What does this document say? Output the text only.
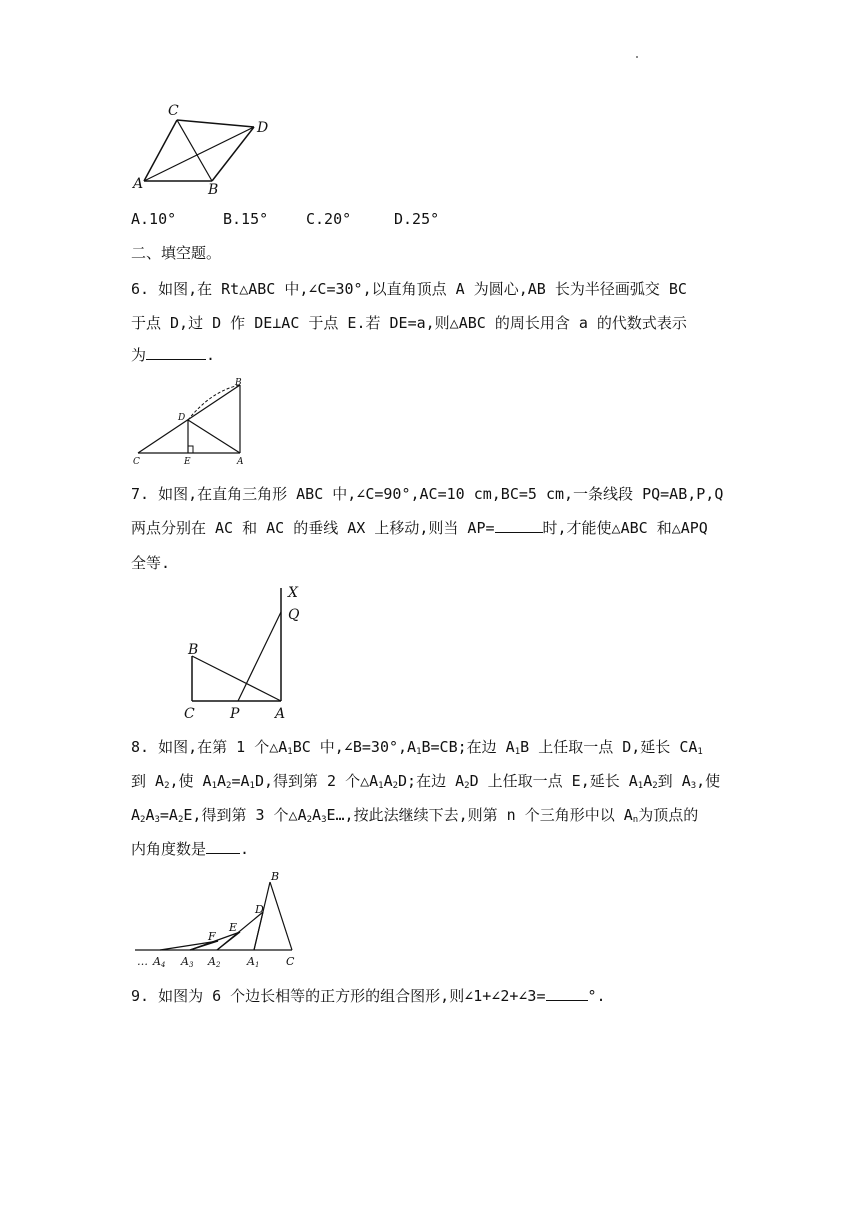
C
D
A	B
A.10°	B.15°	C.20°	D.25°
二、填空题。
6. 如图,在 Rt△ABC 中,∠C=30°,以直角顶点 A 为圆心,AB 长为半径画弧交 BC
于点 D,过 D 作 DE⊥AC 于点 E.若 DE=a,则△ABC 的周长用含 a 的代数式表示
为	.
B
D
C	E	A
7. 如图,在直角三角形 ABC 中,∠C=90°,AC=10 cm,BC=5 cm,一条线段 PQ=AB,P,Q
两点分别在 AC 和 AC 的垂线 AX 上移动,则当 AP=	时,才能使△ABC 和△APQ
全等.
X
Q
B
C	P	A
8. 如图,在第 1 个$\triangle A_1BC$ 中$,\angle B=30^\circ,A_1B=CB$;在边 $A_1B$ 上任取一点 D,延长 $CA_1$
到 $A_2$,使 $A_1A_2=A_1D$,得到第 2 个$\triangle A_1A_2D$;在边 $A_2D$ 上任取一点 E,延长 $A_1A_2$到 $A_3$,使
$A_2A_3=A_2E$,得到第 3 个$\triangle A_2A_3E\dots$,按此法继续下去,则第 n 个三角形中以 $A_n$为顶点的
内角度数是 .
B
D
E
F
… A4 A3 A2 A1 C
9. 如图为 6 个边长相等的正方形的组合图形,则∠1+∠2+∠3=	°.
